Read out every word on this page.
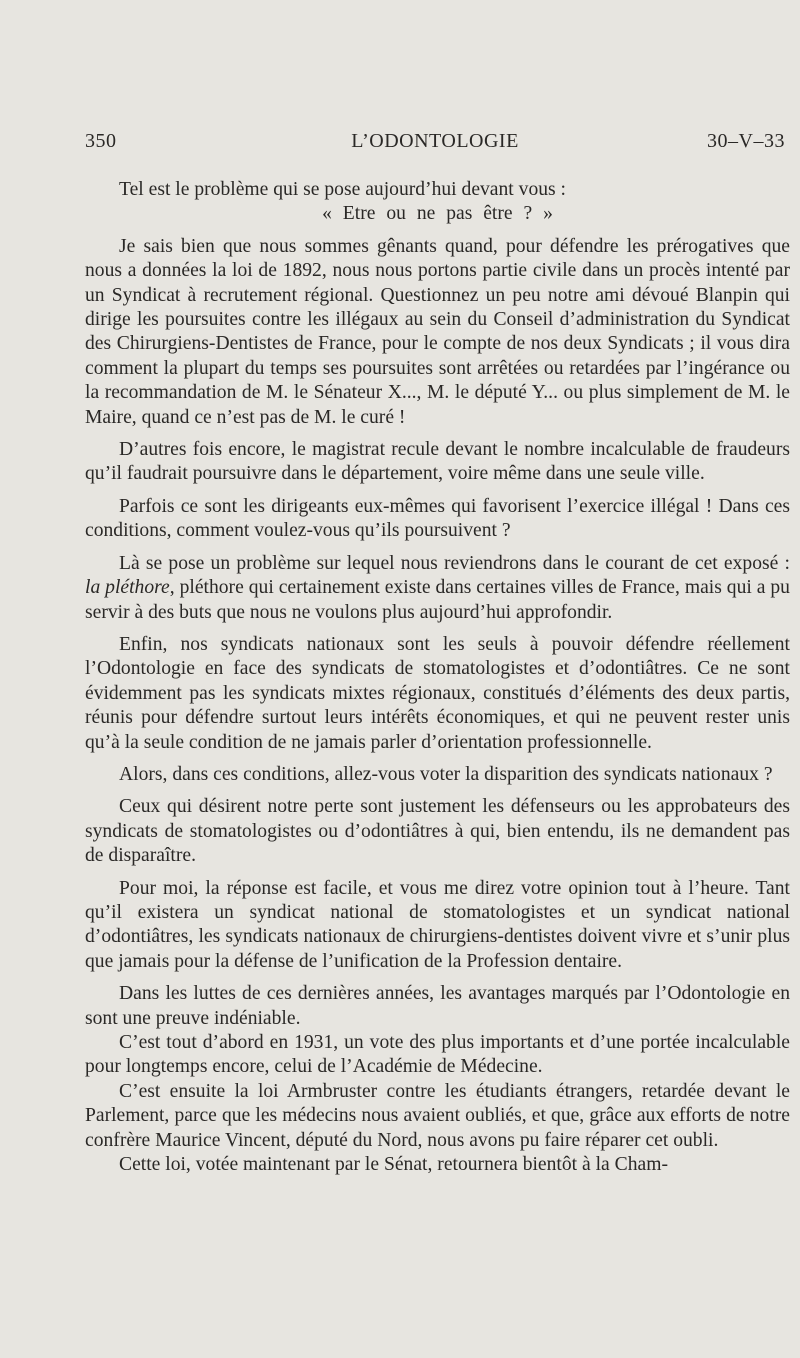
350	L’ODONTOLOGIE	30–V–33

Tel est le problème qui se pose aujourd’hui devant vous :

« Etre ou ne pas être ? »

Je sais bien que nous sommes gênants quand, pour défendre les prérogatives que nous a données la loi de 1892, nous nous portons partie civile dans un procès intenté par un Syndicat à recrutement régional. Questionnez un peu notre ami dévoué Blanpin qui dirige les poursuites contre les illégaux au sein du Conseil d’administration du Syndicat des Chirurgiens-Dentistes de France, pour le compte de nos deux Syndicats ; il vous dira comment la plupart du temps ses poursuites sont arrêtées ou retardées par l’ingérance ou la recommandation de M. le Sénateur X..., M. le député Y... ou plus simplement de M. le Maire, quand ce n’est pas de M. le curé !

D’autres fois encore, le magistrat recule devant le nombre incalculable de fraudeurs qu’il faudrait poursuivre dans le département, voire même dans une seule ville.

Parfois ce sont les dirigeants eux-mêmes qui favorisent l’exercice illégal ! Dans ces conditions, comment voulez-vous qu’ils poursuivent ?

Là se pose un problème sur lequel nous reviendrons dans le courant de cet exposé : la pléthore, pléthore qui certainement existe dans certaines villes de France, mais qui a pu servir à des buts que nous ne voulons plus aujourd’hui approfondir.

Enfin, nos syndicats nationaux sont les seuls à pouvoir défendre réellement l’Odontologie en face des syndicats de stomatologistes et d’odontiâtres. Ce ne sont évidemment pas les syndicats mixtes régionaux, constitués d’éléments des deux partis, réunis pour défendre surtout leurs intérêts économiques, et qui ne peuvent rester unis qu’à la seule condition de ne jamais parler d’orientation professionnelle.

Alors, dans ces conditions, allez-vous voter la disparition des syndicats nationaux ?

Ceux qui désirent notre perte sont justement les défenseurs ou les approbateurs des syndicats de stomatologistes ou d’odontiâtres à qui, bien entendu, ils ne demandent pas de disparaître.

Pour moi, la réponse est facile, et vous me direz votre opinion tout à l’heure. Tant qu’il existera un syndicat national de stomatologistes et un syndicat national d’odontiâtres, les syndicats nationaux de chirurgiens-dentistes doivent vivre et s’unir plus que jamais pour la défense de l’unification de la Profession dentaire.

Dans les luttes de ces dernières années, les avantages marqués par l’Odontologie en sont une preuve indéniable.

C’est tout d’abord en 1931, un vote des plus importants et d’une portée incalculable pour longtemps encore, celui de l’Académie de Médecine.

C’est ensuite la loi Armbruster contre les étudiants étrangers, retardée devant le Parlement, parce que les médecins nous avaient oubliés, et que, grâce aux efforts de notre confrère Maurice Vincent, député du Nord, nous avons pu faire réparer cet oubli.

Cette loi, votée maintenant par le Sénat, retournera bientôt à la Cham-
